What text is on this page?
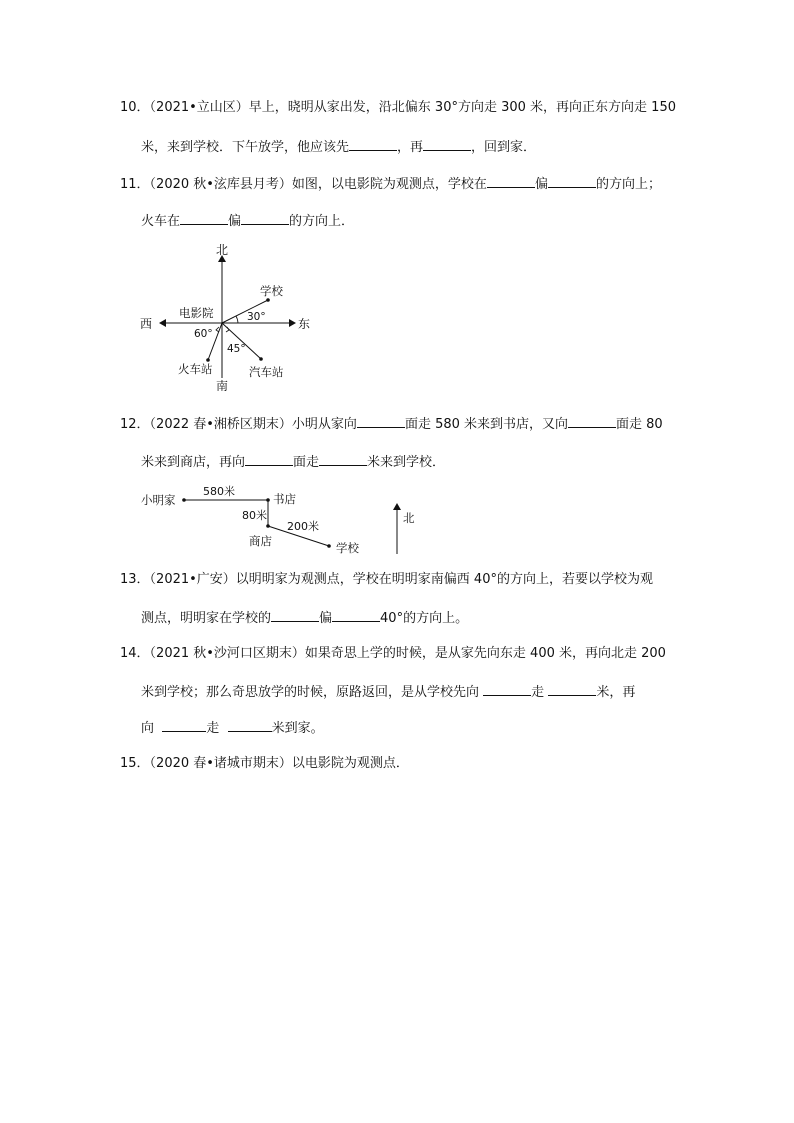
10．（2021•立山区）早上，晓明从家出发，沿北偏东 30°方向走 300 米，再向正东方向走 150
米，来到学校．下午放学，他应该先	，再	，回到家．
11．（2020 秋•泫库县月考）如图，以电影院为观测点，学校在	偏	的方向上；
火车在	偏	的方向上．
北
南
西	东
电影院
学校
火车站	汽车站
30°
60°
45°
12．（2022 春•湘桥区期末）小明从家向	面走 580 米来到书店，又向	面走 80
米来到商店，再向	面走	米来到学校．
小明家
580米
书店
80米
200米
商店	学校
北
13．（2021•广安）以明明家为观测点，学校在明明家南偏西 40°的方向上，若要以学校为观
测点，明明家在学校的	偏	40°的方向上。
14．（2021 秋•沙河口区期末）如果奇思上学的时候，是从家先向东走 400 米，再向北走 200
米到学校；那么奇思放学的时候，原路返回，是从学校先向	走	米，再
向	走	米到家。
15．（2020 春•诸城市期末）以电影院为观测点．
